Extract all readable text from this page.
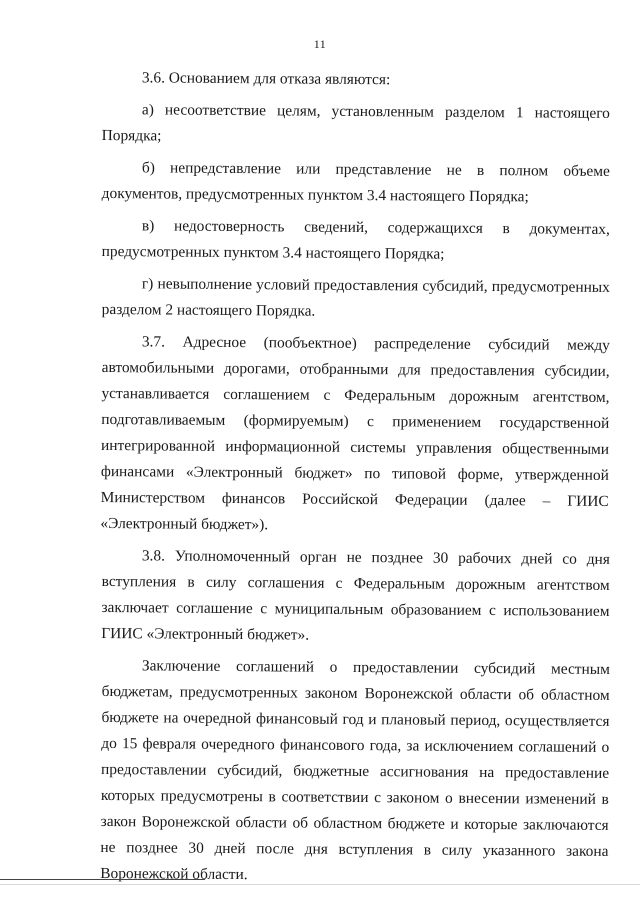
11

3.6. Основанием для отказа являются:

а) несоответствие целям, установленным разделом 1 настоящего Порядка;

б) непредставление или представление не в полном объеме документов, предусмотренных пунктом 3.4 настоящего Порядка;

в) недостоверность сведений, содержащихся в документах, предусмотренных пунктом 3.4 настоящего Порядка;

г) невыполнение условий предоставления субсидий, предусмотренных разделом 2 настоящего Порядка.

3.7. Адресное (пообъектное) распределение субсидий между автомобильными дорогами, отобранными для предоставления субсидии, устанавливается соглашением с Федеральным дорожным агентством, подготавливаемым (формируемым) с применением государственной интегрированной информационной системы управления общественными финансами «Электронный бюджет» по типовой форме, утвержденной Министерством финансов Российской Федерации (далее – ГИИС «Электронный бюджет»).

3.8. Уполномоченный орган не позднее 30 рабочих дней со дня вступления в силу соглашения с Федеральным дорожным агентством заключает соглашение с муниципальным образованием с использованием ГИИС «Электронный бюджет».

Заключение соглашений о предоставлении субсидий местным бюджетам, предусмотренных законом Воронежской области об областном бюджете на очередной финансовый год и плановый период, осуществляется до 15 февраля очередного финансового года, за исключением соглашений о предоставлении субсидий, бюджетные ассигнования на предоставление которых предусмотрены в соответствии с законом о внесении изменений в закон Воронежской области об областном бюджете и которые заключаются не позднее 30 дней после дня вступления в силу указанного закона Воронежской области.
